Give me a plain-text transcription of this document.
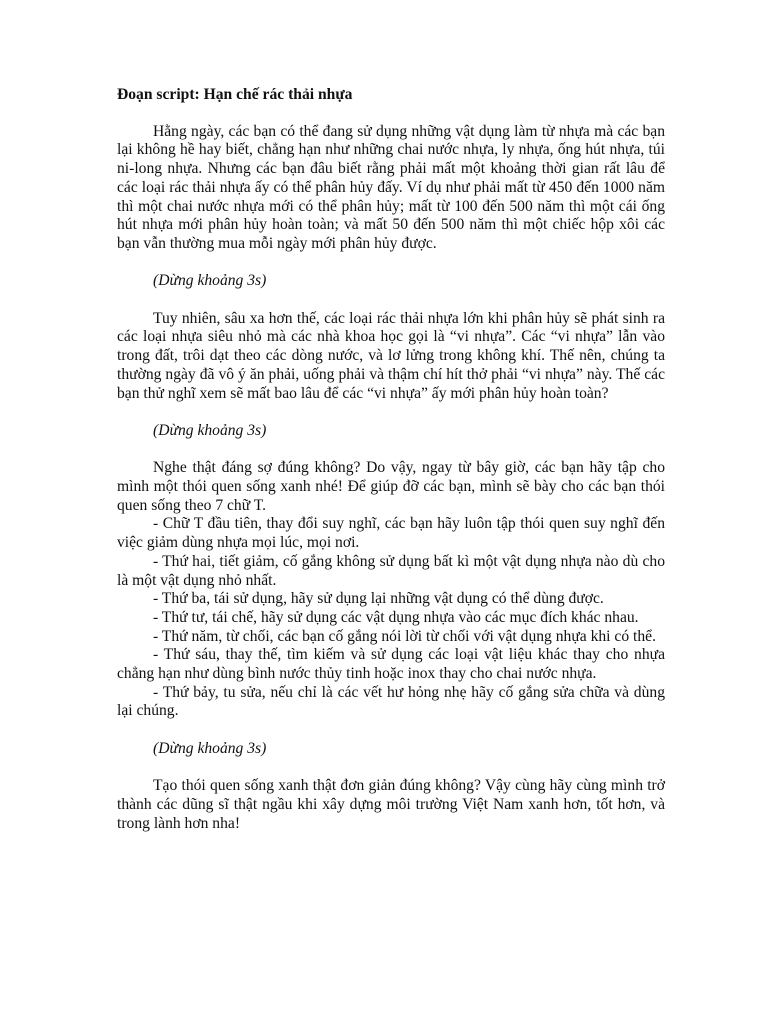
Đoạn script: Hạn chế rác thải nhựa
Hằng ngày, các bạn có thể đang sử dụng những vật dụng làm từ nhựa mà các bạn lại không hề hay biết, chẳng hạn như những chai nước nhựa, ly nhựa, ống hút nhựa, túi ni-long nhựa. Nhưng các bạn đâu biết rằng phải mất một khoảng thời gian rất lâu để các loại rác thải nhựa ấy có thể phân hủy đấy. Ví dụ như phải mất từ 450 đến 1000 năm thì một chai nước nhựa mới có thể phân hủy; mất từ 100 đến 500 năm thì một cái ống hút nhựa mới phân hủy hoàn toàn; và mất 50 đến 500 năm thì một chiếc hộp xôi các bạn vẫn thường mua mỗi ngày mới phân hủy được.
(Dừng khoảng 3s)
Tuy nhiên, sâu xa hơn thế, các loại rác thải nhựa lớn khi phân hủy sẽ phát sinh ra các loại nhựa siêu nhỏ mà các nhà khoa học gọi là “vi nhựa”. Các “vi nhựa” lẫn vào trong đất, trôi dạt theo các dòng nước, và lơ lửng trong không khí. Thế nên, chúng ta thường ngày đã vô ý ăn phải, uống phải và thậm chí hít thở phải “vi nhựa” này. Thế các bạn thử nghĩ xem sẽ mất bao lâu để các “vi nhựa” ấy mới phân hủy hoàn toàn?
(Dừng khoảng 3s)
Nghe thật đáng sợ đúng không? Do vậy, ngay từ bây giờ, các bạn hãy tập cho mình một thói quen sống xanh nhé! Để giúp đỡ các bạn, mình sẽ bày cho các bạn thói quen sống theo 7 chữ T.
- Chữ T đầu tiên, thay đổi suy nghĩ, các bạn hãy luôn tập thói quen suy nghĩ đến việc giảm dùng nhựa mọi lúc, mọi nơi.
- Thứ hai, tiết giảm, cố gắng không sử dụng bất kì một vật dụng nhựa nào dù cho là một vật dụng nhỏ nhất.
- Thứ ba, tái sử dụng, hãy sử dụng lại những vật dụng có thể dùng được.
- Thứ tư, tái chế, hãy sử dụng các vật dụng nhựa vào các mục đích khác nhau.
- Thứ năm, từ chối, các bạn cố gắng nói lời từ chối với vật dụng nhựa khi có thể.
- Thứ sáu, thay thế, tìm kiếm và sử dụng các loại vật liệu khác thay cho nhựa chẳng hạn như dùng bình nước thủy tinh hoặc inox thay cho chai nước nhựa.
- Thứ bảy, tu sửa, nếu chỉ là các vết hư hỏng nhẹ hãy cố gắng sửa chữa và dùng lại chúng.
(Dừng khoảng 3s)
Tạo thói quen sống xanh thật đơn giản đúng không? Vậy cùng hãy cùng mình trở thành các dũng sĩ thật ngầu khi xây dựng môi trường Việt Nam xanh hơn, tốt hơn, và trong lành hơn nha!
